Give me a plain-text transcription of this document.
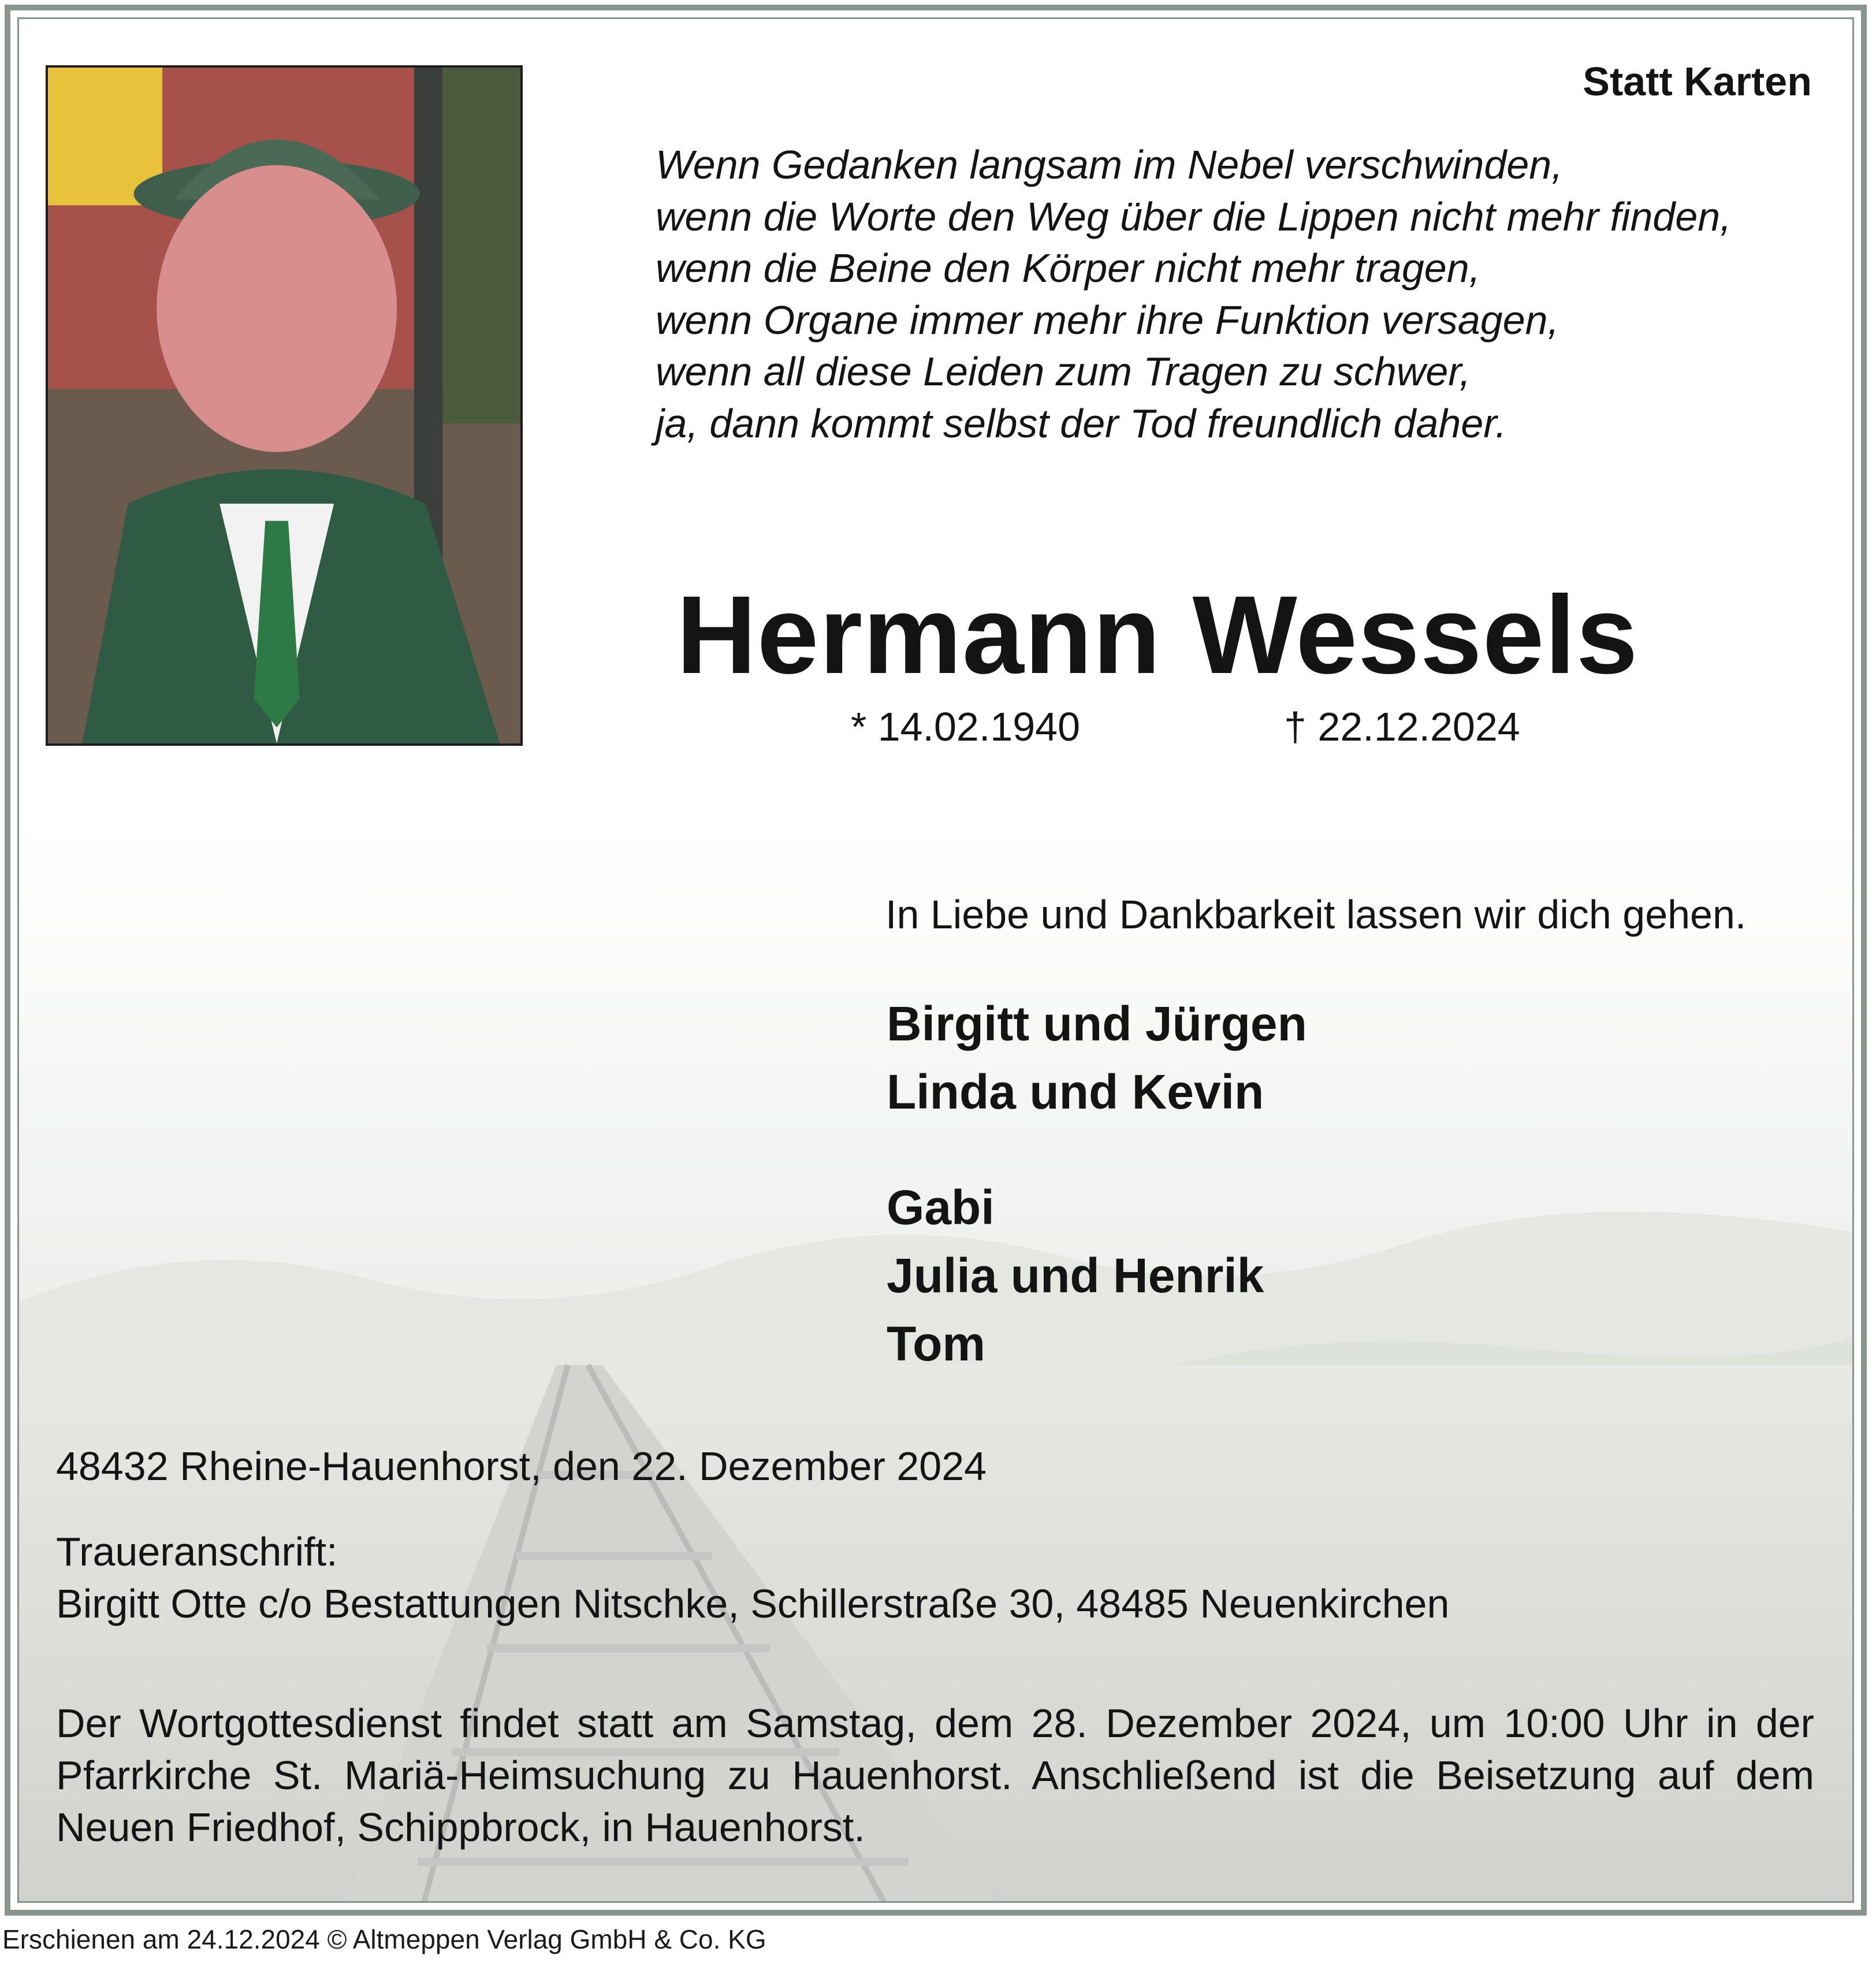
Statt Karten
Wenn Gedanken langsam im Nebel verschwinden,
wenn die Worte den Weg über die Lippen nicht mehr finden,
wenn die Beine den Körper nicht mehr tragen,
wenn Organe immer mehr ihre Funktion versagen,
wenn all diese Leiden zum Tragen zu schwer,
ja, dann kommt selbst der Tod freundlich daher.
Hermann Wessels
* 14.02.1940	† 22.12.2024
In Liebe und Dankbarkeit lassen wir dich gehen.
Birgitt und Jürgen
Linda und Kevin
Gabi
Julia und Henrik
Tom
48432 Rheine-Hauenhorst, den 22. Dezember 2024
Traueranschrift:
Birgitt Otte c/o Bestattungen Nitschke, Schillerstraße 30, 48485 Neuenkirchen
Der Wortgottesdienst findet statt am Samstag, dem 28. Dezember 2024, um 10:00 Uhr in der Pfarrkirche St. Mariä-Heimsuchung zu Hauenhorst. Anschließend ist die Beisetzung auf dem Neuen Friedhof, Schippbrock, in Hauenhorst.
Erschienen am 24.12.2024 © Altmeppen Verlag GmbH & Co. KG
